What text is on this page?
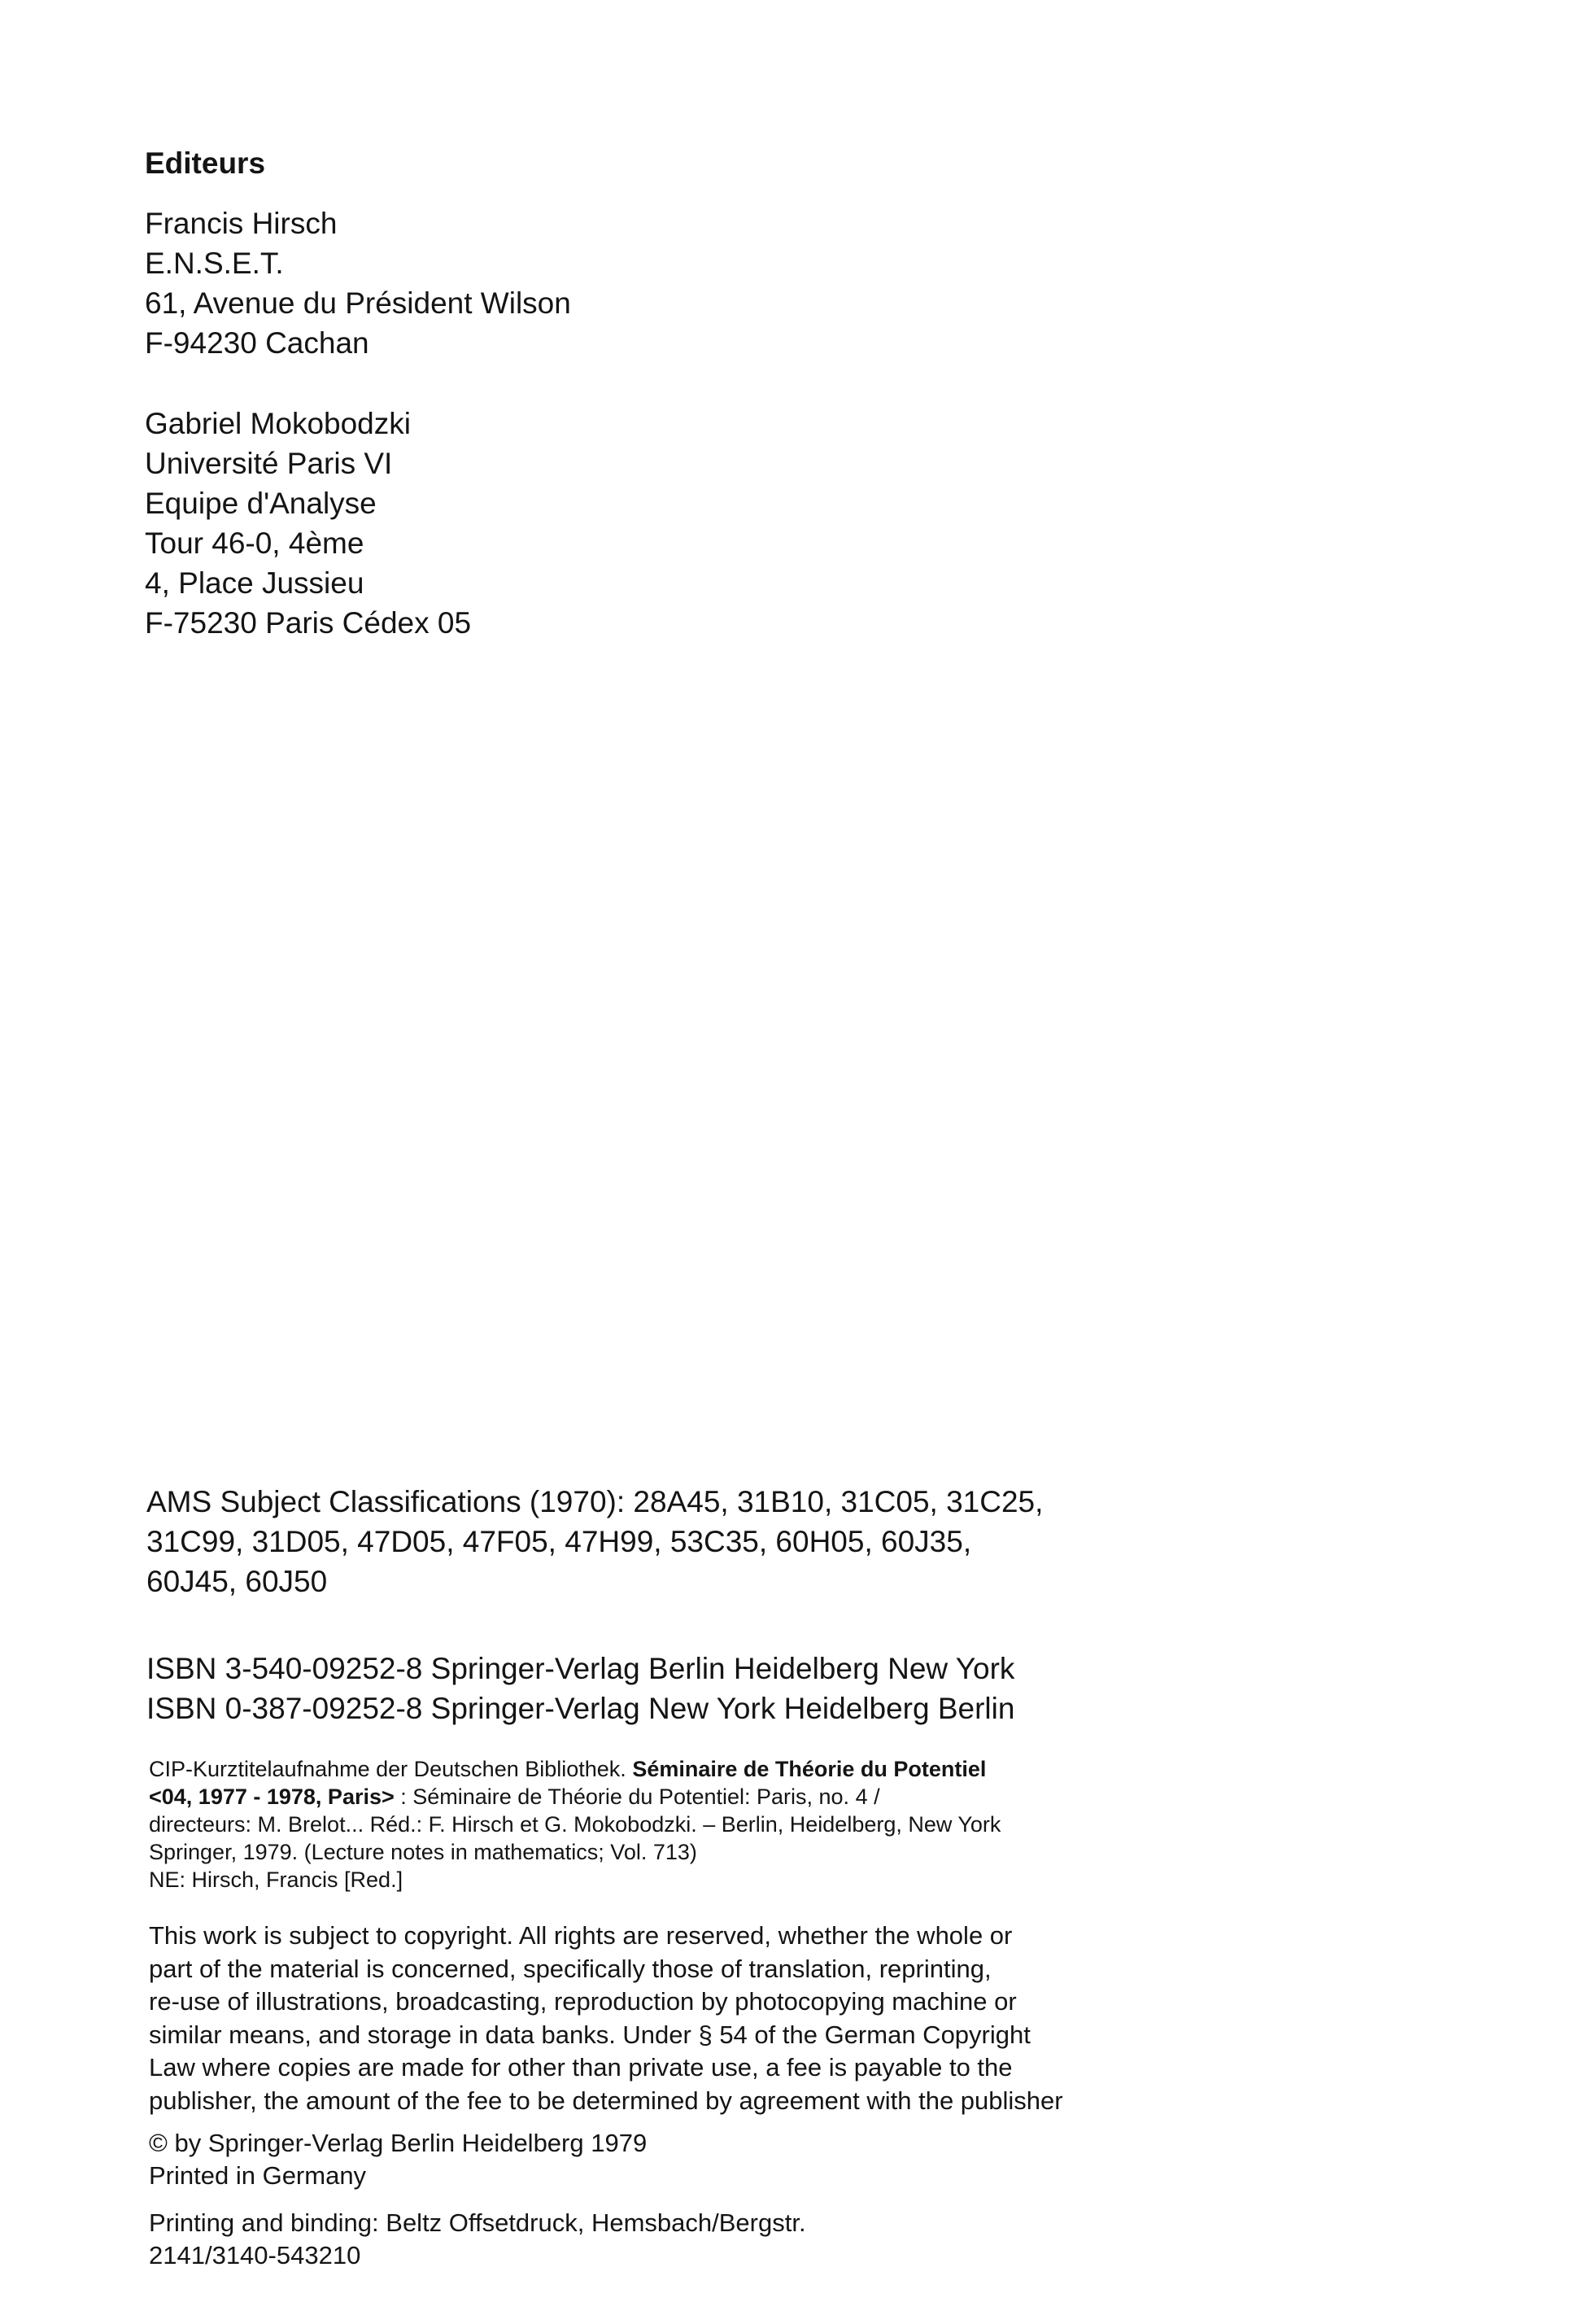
Editeurs
Francis Hirsch
E.N.S.E.T.
61, Avenue du Président Wilson
F-94230 Cachan
Gabriel Mokobodzki
Université Paris VI
Equipe d'Analyse
Tour 46-0, 4ème
4, Place Jussieu
F-75230 Paris Cédex 05
AMS Subject Classifications (1970): 28A45, 31B10, 31C05, 31C25,
31C99, 31D05, 47D05, 47F05, 47H99, 53C35, 60H05, 60J35,
60J45, 60J50
ISBN 3-540-09252-8 Springer-Verlag Berlin Heidelberg New York
ISBN 0-387-09252-8 Springer-Verlag New York Heidelberg Berlin
CIP-Kurztitelaufnahme der Deutschen Bibliothek. Séminaire de Théorie du Potentiel
<04, 1977 - 1978, Paris> : Séminaire de Théorie du Potentiel: Paris, no. 4 /
directeurs: M. Brelot... Réd.: F. Hirsch et G. Mokobodzki. – Berlin, Heidelberg, New York
Springer, 1979. (Lecture notes in mathematics; Vol. 713)
NE: Hirsch, Francis [Red.]
This work is subject to copyright. All rights are reserved, whether the whole or
part of the material is concerned, specifically those of translation, reprinting,
re-use of illustrations, broadcasting, reproduction by photocopying machine or
similar means, and storage in data banks. Under § 54 of the German Copyright
Law where copies are made for other than private use, a fee is payable to the
publisher, the amount of the fee to be determined by agreement with the publisher
© by Springer-Verlag Berlin Heidelberg 1979
Printed in Germany
Printing and binding: Beltz Offsetdruck, Hemsbach/Bergstr.
2141/3140-543210
